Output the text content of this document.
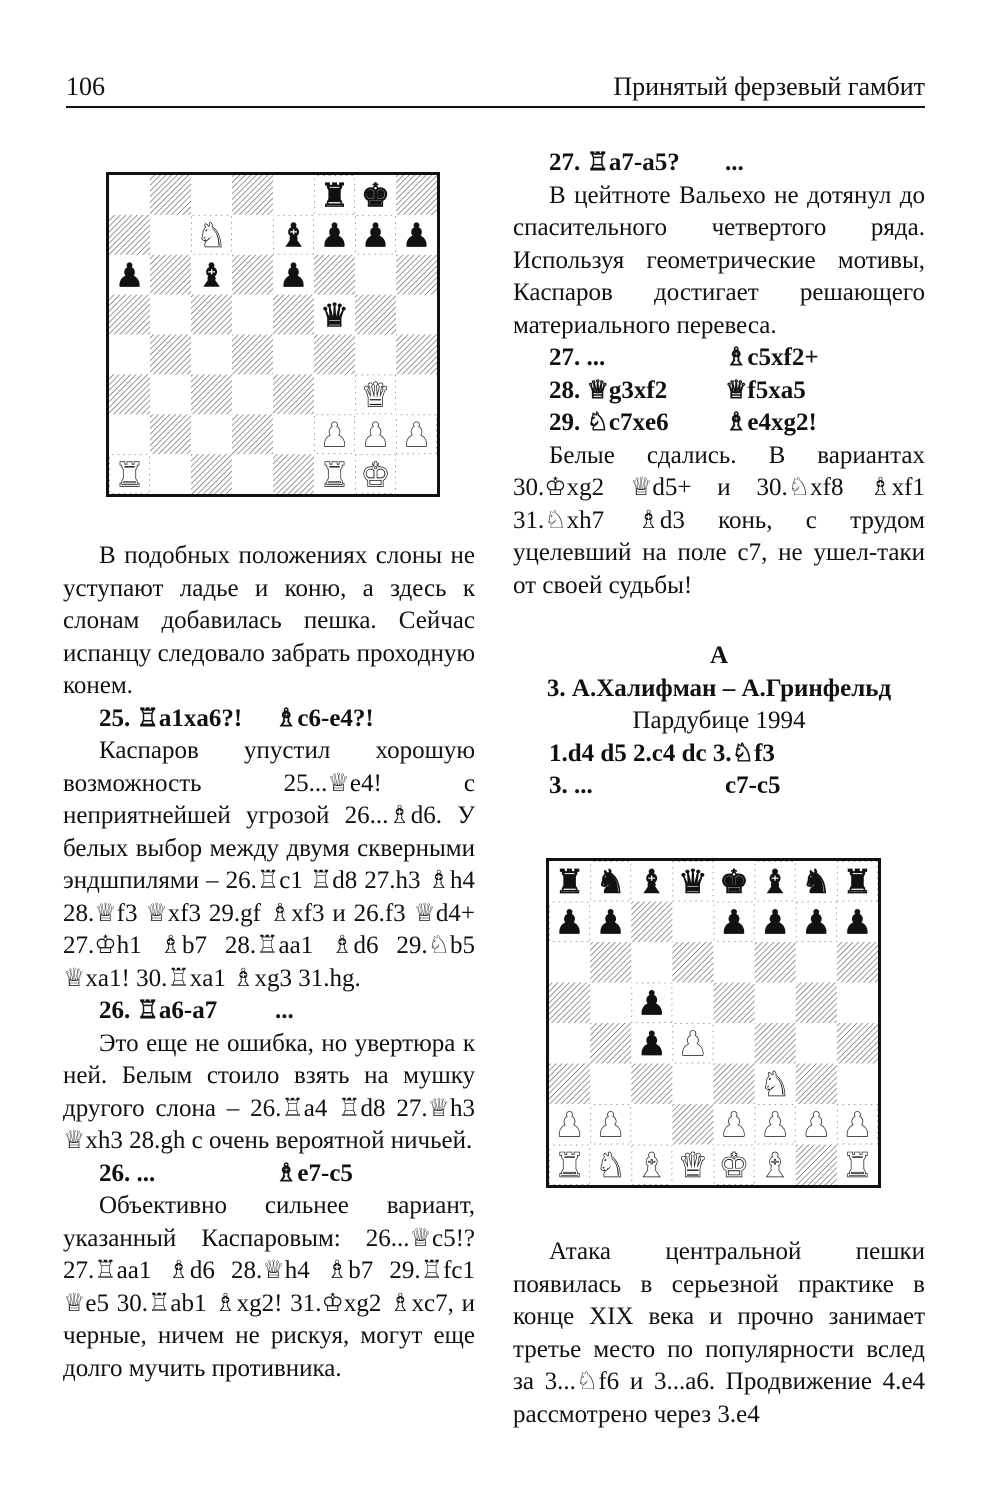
106	Принятый ферзевый гамбит
♜ ♚
♞ ♝ ♟ ♟ ♟
♟ ♝ ♟
♛
♛
♟ ♟ ♟
♜	♜ ♚

В подобных положениях слоны не уступают ладье и коню, а здесь к слонам добавилась пешка. Сейчас испанцу следовало забрать проходную конем.

25. ♖a1xa6?!	♗c6-e4?!

Каспаров упустил хорошую возможность 25...♕e4! с неприятнейшей угрозой 26...♗d6. У белых выбор между двумя скверными эндшпилями – 26.♖c1 ♖d8 27.h3 ♗h4 28.♕f3 ♕xf3 29.gf ♗xf3 и 26.f3 ♕d4+ 27.♔h1 ♗b7 28.♖aa1 ♗d6 29.♘b5 ♕xa1! 30.♖xa1 ♗xg3 31.hg.

26. ♖a6-a7	...

Это еще не ошибка, но увертюра к ней. Белым стоило взять на мушку другого слона – 26.♖a4 ♖d8 27.♕h3 ♕xh3 28.gh с очень вероятной ничьей.

26. ...	♗e7-c5

Объективно сильнее вариант, указанный Каспаровым: 26...♕c5!? 27.♖aa1 ♗d6 28.♕h4 ♗b7 29.♖fc1 ♕e5 30.♖ab1 ♗xg2! 31.♔xg2 ♗xc7, и черные, ничем не рискуя, могут еще долго мучить противника.

27. ♖a7-a5?	...

В цейтноте Вальехо не дотянул до спасительного четвертого ряда. Используя геометрические мотивы, Каспаров достигает решающего материального перевеса.

27. ...	♗c5xf2+
28. ♕g3xf2	♕f5xa5
29. ♘c7xe6	♗e4xg2!

Белые сдались. В вариантах 30.♔xg2 ♕d5+ и 30.♘xf8 ♗xf1 31.♘xh7 ♗d3 конь, с трудом уцелевший на поле с7, не ушел-таки от своей судьбы!

А

3. А.Халифман – А.Гринфельд

Пардубице 1994

1.d4 d5 2.c4 dc 3.♘f3

3. ...	c7-c5
♜ ♞ ♝ ♛ ♚ ♝ ♞ ♜
♟ ♟	♟ ♟ ♟ ♟
♟
♟ ♟
♞
♟ ♟	♟ ♟ ♟ ♟
♜ ♞ ♝ ♛ ♚ ♝ ♜

Атака центральной пешки появилась в серьезной практике в конце XIX века и прочно занимает третье место по популярности вслед за 3...♘f6 и 3...a6. Продвижение 4.e4 рассмотрено через 3.e4
